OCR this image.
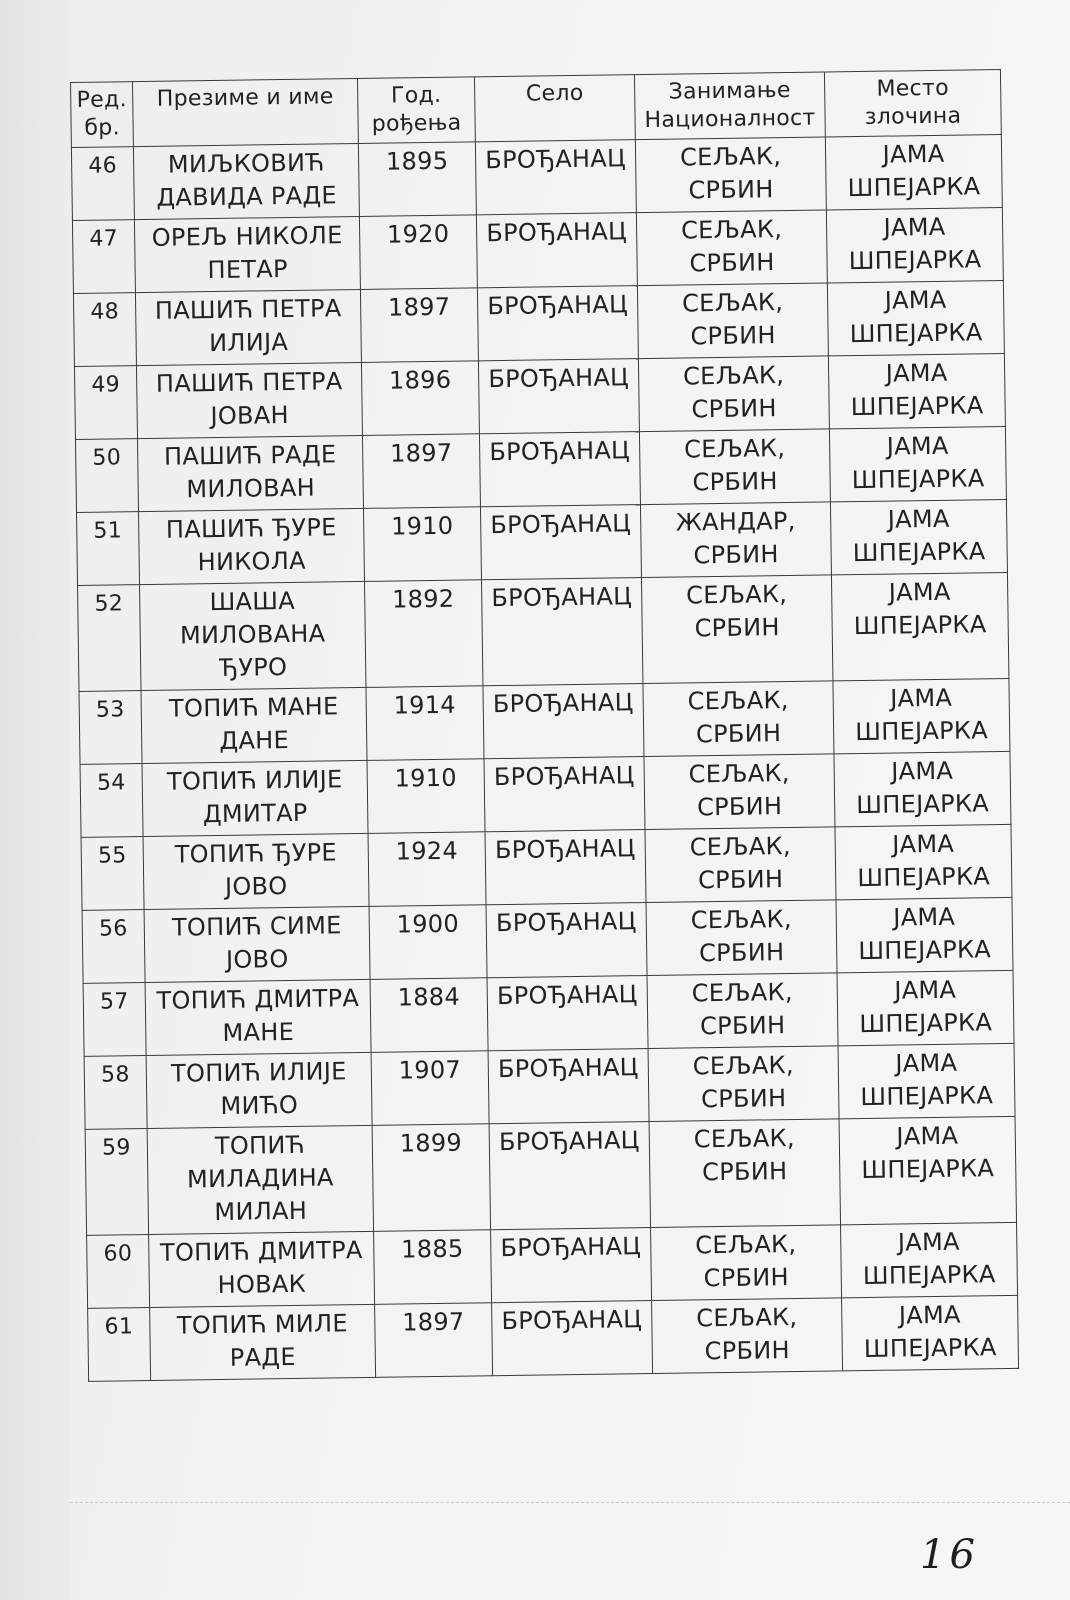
Ред. бр.	Презиме и име	Год. рођења	Село	Занимање Националност	Место злочина
46	МИЉКОВИЋ ДАВИДА РАДЕ	1895	БРОЂАНАЦ	СЕЉАК, СРБИН	ЈАМА ШПЕЈАРКА
47	ОРЕЉ НИКОЛЕ ПЕТАР	1920	БРОЂАНАЦ	СЕЉАК, СРБИН	ЈАМА ШПЕЈАРКА
48	ПАШИЋ ПЕТРА ИЛИЈА	1897	БРОЂАНАЦ	СЕЉАК, СРБИН	ЈАМА ШПЕЈАРКА
49	ПАШИЋ ПЕТРА ЈОВАН	1896	БРОЂАНАЦ	СЕЉАК, СРБИН	ЈАМА ШПЕЈАРКА
50	ПАШИЋ РАДЕ МИЛОВАН	1897	БРОЂАНАЦ	СЕЉАК, СРБИН	ЈАМА ШПЕЈАРКА
51	ПАШИЋ ЂУРЕ НИКОЛА	1910	БРОЂАНАЦ	ЖАНДАР, СРБИН	ЈАМА ШПЕЈАРКА
52	ШАША МИЛОВАНА ЂУРО	1892	БРОЂАНАЦ	СЕЉАК, СРБИН	ЈАМА ШПЕЈАРКА
53	ТОПИЋ МАНЕ ДАНЕ	1914	БРОЂАНАЦ	СЕЉАК, СРБИН	ЈАМА ШПЕЈАРКА
54	ТОПИЋ ИЛИЈЕ ДМИТАР	1910	БРОЂАНАЦ	СЕЉАК, СРБИН	ЈАМА ШПЕЈАРКА
55	ТОПИЋ ЂУРЕ ЈОВО	1924	БРОЂАНАЦ	СЕЉАК, СРБИН	ЈАМА ШПЕЈАРКА
56	ТОПИЋ СИМЕ ЈОВО	1900	БРОЂАНАЦ	СЕЉАК, СРБИН	ЈАМА ШПЕЈАРКА
57	ТОПИЋ ДМИТРА МАНЕ	1884	БРОЂАНАЦ	СЕЉАК, СРБИН	ЈАМА ШПЕЈАРКА
58	ТОПИЋ ИЛИЈЕ МИЋО	1907	БРОЂАНАЦ	СЕЉАК, СРБИН	ЈАМА ШПЕЈАРКА
59	ТОПИЋ МИЛАДИНА МИЛАН	1899	БРОЂАНАЦ	СЕЉАК, СРБИН	ЈАМА ШПЕЈАРКА
60	ТОПИЋ ДМИТРА НОВАК	1885	БРОЂАНАЦ	СЕЉАК, СРБИН	ЈАМА ШПЕЈАРКА
61	ТОПИЋ МИЛЕ РАДЕ	1897	БРОЂАНАЦ	СЕЉАК, СРБИН	ЈАМА ШПЕЈАРКА
16
